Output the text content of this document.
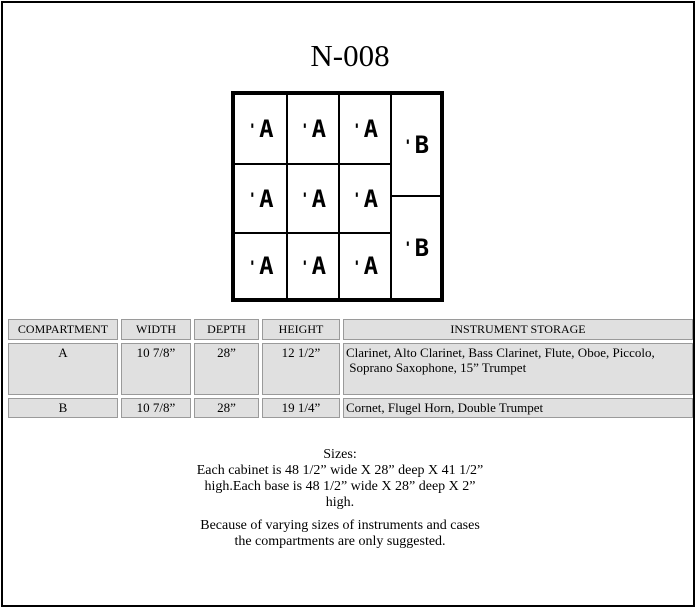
N-008
' A ' A ' A
' A ' A ' A
' A ' A ' A
' B
' B
COMPARTMENT	WIDTH	DEPTH	HEIGHT	INSTRUMENT STORAGE
A	10 7/8”	28”	12 1/2”	Clarinet, Alto Clarinet, Bass Clarinet, Flute, Oboe, Piccolo,
Soprano Saxophone, 15” Trumpet

B	10 7/8”	28”	19 1/4”	Cornet, Flugel Horn, Double Trumpet

Sizes:

Each cabinet is 48 1/2” wide X 28” deep X 41 1/2” high.Each base is 48 1/2” wide X 28” deep X 2” high.

Because of varying sizes of instruments and cases the compartments are only suggested.
